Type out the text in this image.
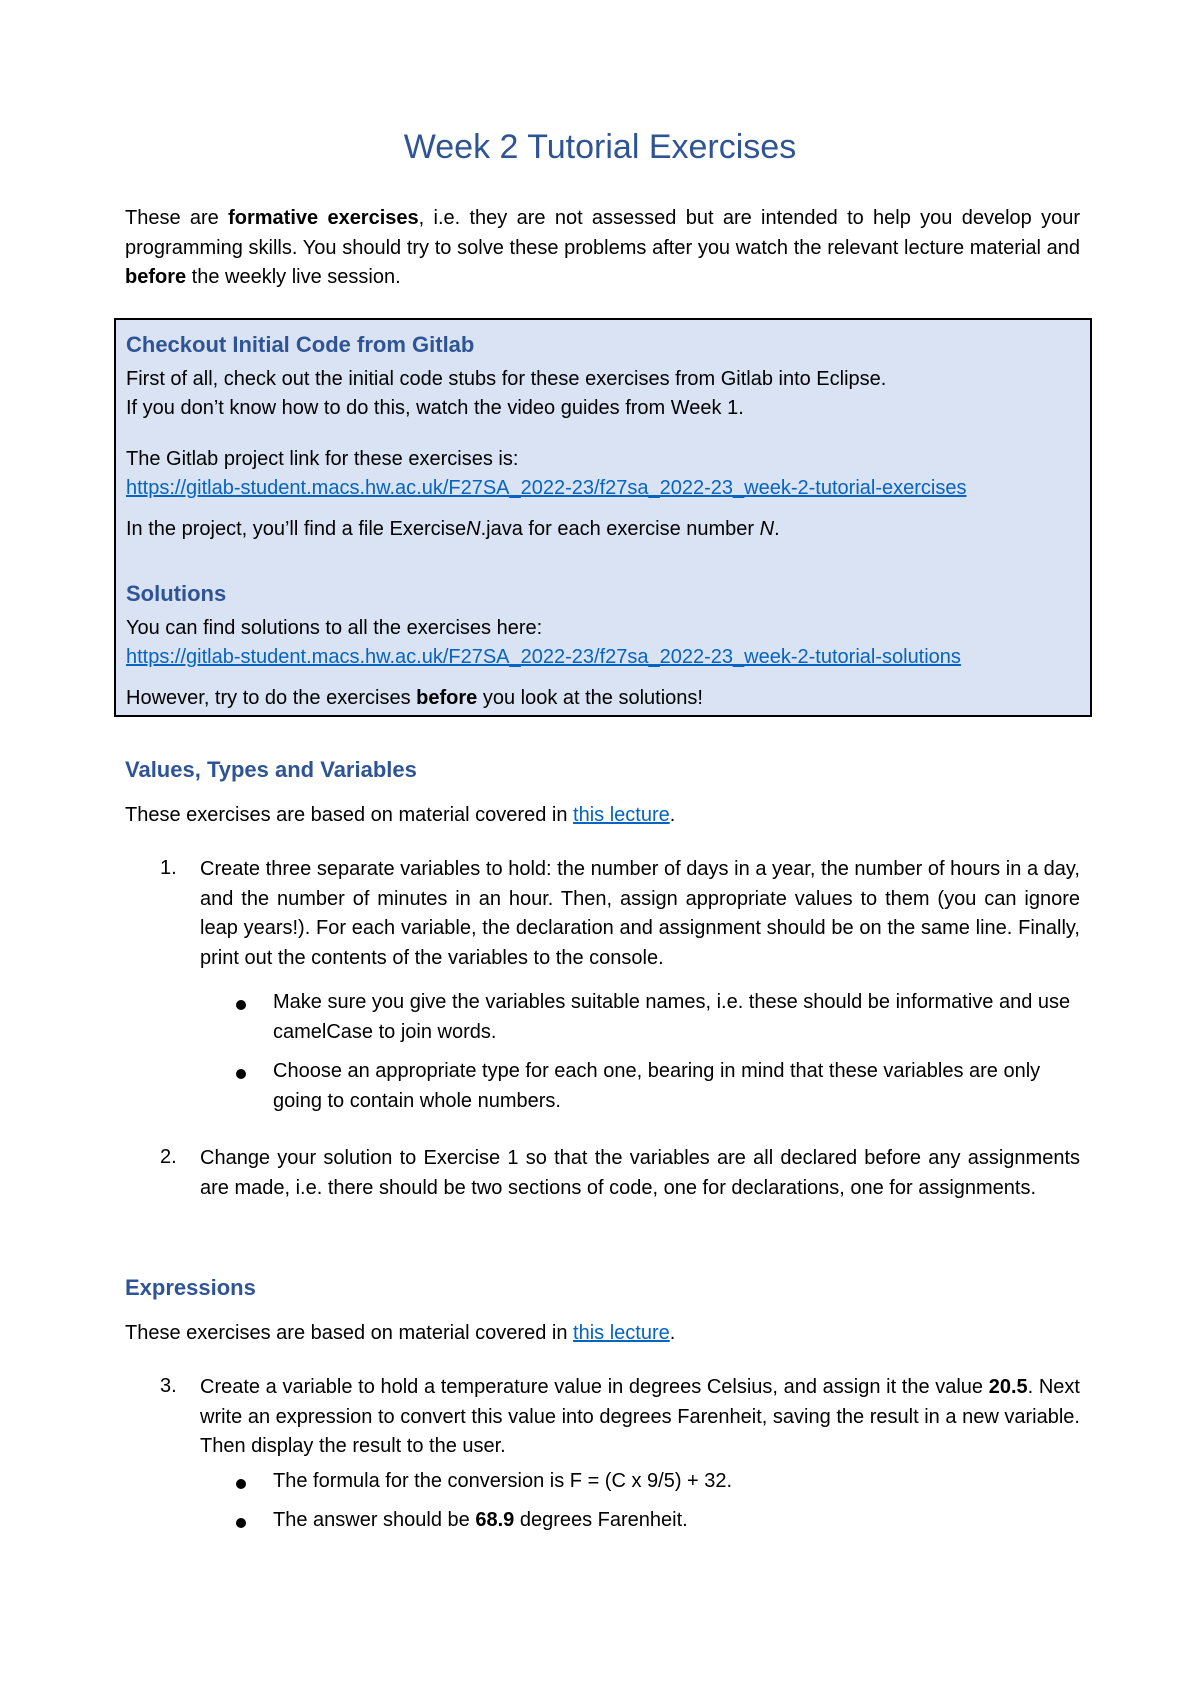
Week 2 Tutorial Exercises
These are formative exercises, i.e. they are not assessed but are intended to help you develop your programming skills. You should try to solve these problems after you watch the relevant lecture material and before the weekly live session.
Checkout Initial Code from Gitlab
First of all, check out the initial code stubs for these exercises from Gitlab into Eclipse.
If you don’t know how to do this, watch the video guides from Week 1.
The Gitlab project link for these exercises is:
https://gitlab-student.macs.hw.ac.uk/F27SA_2022-23/f27sa_2022-23_week-2-tutorial-exercises
In the project, you’ll find a file ExerciseN.java for each exercise number N.
Solutions
You can find solutions to all the exercises here:
https://gitlab-student.macs.hw.ac.uk/F27SA_2022-23/f27sa_2022-23_week-2-tutorial-solutions
However, try to do the exercises before you look at the solutions!
Values, Types and Variables
These exercises are based on material covered in this lecture.
1. Create three separate variables to hold: the number of days in a year, the number of hours in a day, and the number of minutes in an hour. Then, assign appropriate values to them (you can ignore leap years!). For each variable, the declaration and assignment should be on the same line. Finally, print out the contents of the variables to the console.
Make sure you give the variables suitable names, i.e. these should be informative and use camelCase to join words.
Choose an appropriate type for each one, bearing in mind that these variables are only going to contain whole numbers.
2. Change your solution to Exercise 1 so that the variables are all declared before any assignments are made, i.e. there should be two sections of code, one for declarations, one for assignments.
Expressions
These exercises are based on material covered in this lecture.
3. Create a variable to hold a temperature value in degrees Celsius, and assign it the value 20.5. Next write an expression to convert this value into degrees Farenheit, saving the result in a new variable. Then display the result to the user.
The formula for the conversion is F = (C x 9/5) + 32.
The answer should be 68.9 degrees Farenheit.
